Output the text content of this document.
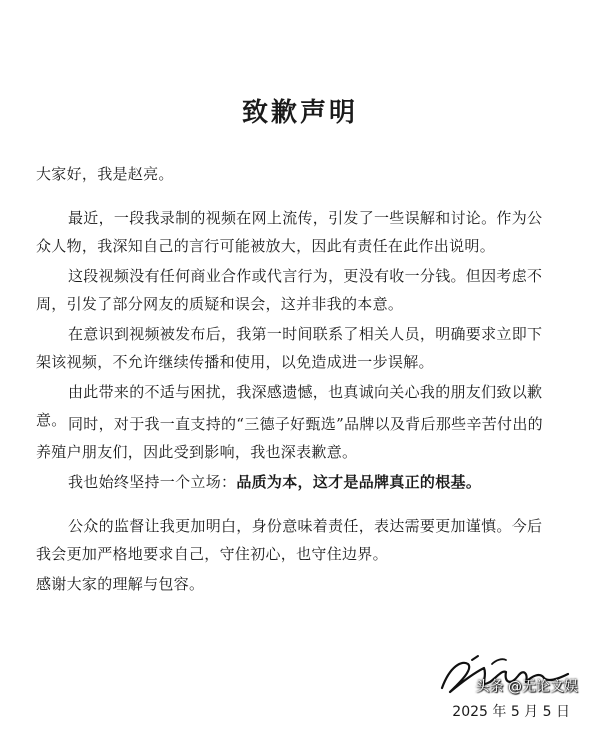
致歉声明
大家好，我是赵亮。
最近，一段我录制的视频在网上流传，引发了一些误解和讨论。作为公众人物，我深知自己的言行可能被放大，因此有责任在此作出说明。
这段视频没有任何商业合作或代言行为，更没有收一分钱。但因考虑不周，引发了部分网友的质疑和误会，这并非我的本意。
在意识到视频被发布后，我第一时间联系了相关人员，明确要求立即下架该视频，不允许继续传播和使用，以免造成进一步误解。
由此带来的不适与困扰，我深感遗憾，也真诚向关心我的朋友们致以歉意。 同时，对于我一直支持的“三德子好甄选”品牌以及背后那些辛苦付出的养殖户朋友们，因此受到影响，我也深表歉意。
我也始终坚持一个立场：品质为本，这才是品牌真正的根基。
公众的监督让我更加明白，身份意味着责任，表达需要更加谨慎。今后我会更加严格地要求自己，守住初心，也守住边界。
感谢大家的理解与包容。
头条 @无论文娱
2025 年 5 月 5 日
